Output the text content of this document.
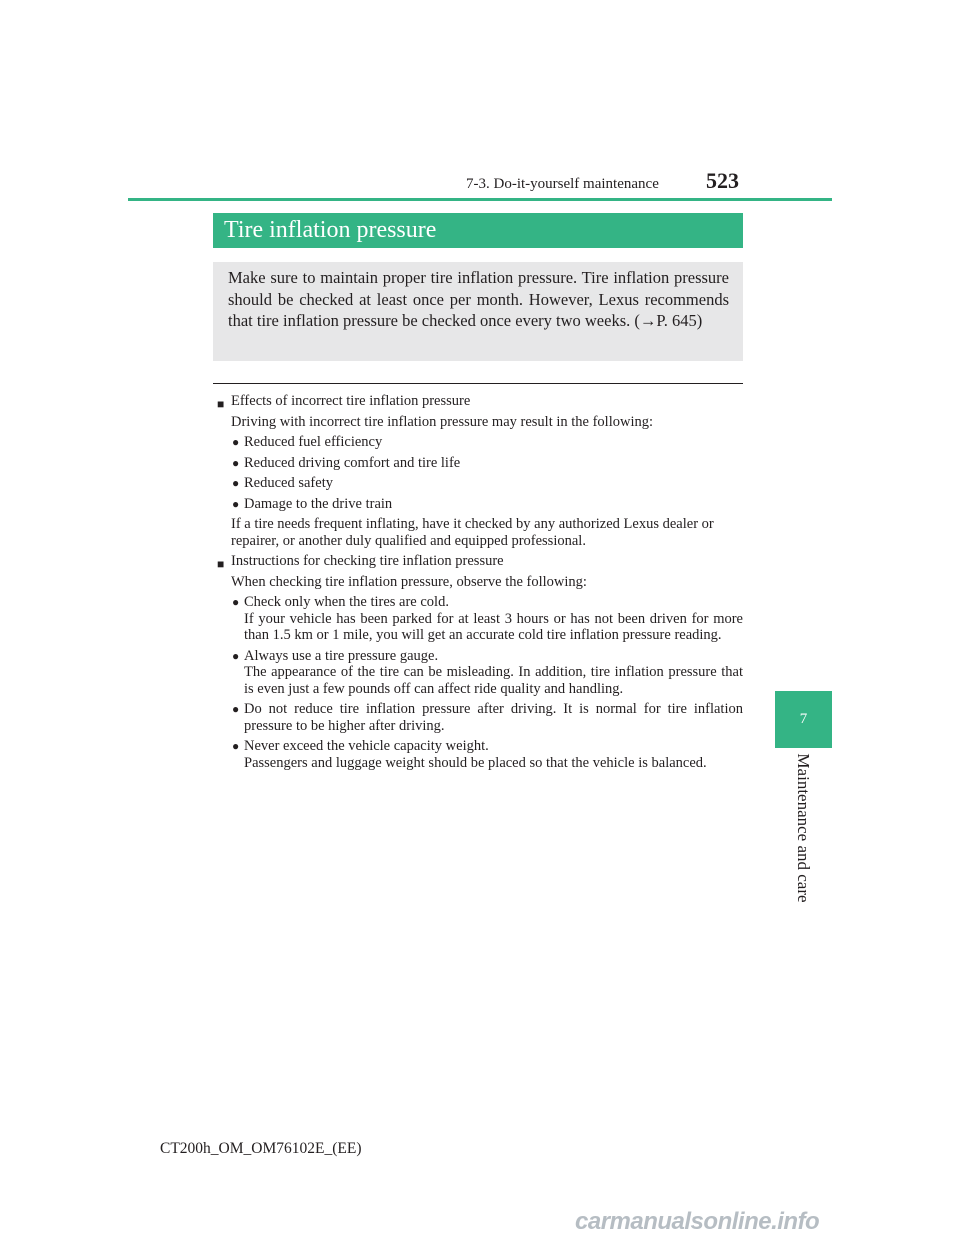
7-3. Do-it-yourself maintenance 523
Tire inflation pressure
Make sure to maintain proper tire inflation pressure. Tire inflation pressure should be checked at least once per month. However, Lexus recommends that tire inflation pressure be checked once every two weeks. (→P. 645)
■ Effects of incorrect tire inflation pressure
Driving with incorrect tire inflation pressure may result in the following:
● Reduced fuel efficiency
● Reduced driving comfort and tire life
● Reduced safety
● Damage to the drive train
If a tire needs frequent inflating, have it checked by any authorized Lexus dealer or repairer, or another duly qualified and equipped professional.
■ Instructions for checking tire inflation pressure
When checking tire inflation pressure, observe the following:
● Check only when the tires are cold.
If your vehicle has been parked for at least 3 hours or has not been driven for more than 1.5 km or 1 mile, you will get an accurate cold tire inflation pressure reading.
● Always use a tire pressure gauge.
The appearance of the tire can be misleading. In addition, tire inflation pressure that is even just a few pounds off can affect ride quality and handling.
● Do not reduce tire inflation pressure after driving. It is normal for tire inflation pressure to be higher after driving.
● Never exceed the vehicle capacity weight.
Passengers and luggage weight should be placed so that the vehicle is balanced.
7
Maintenance and care
CT200h_OM_OM76102E_(EE)
carmanualsonline.info
